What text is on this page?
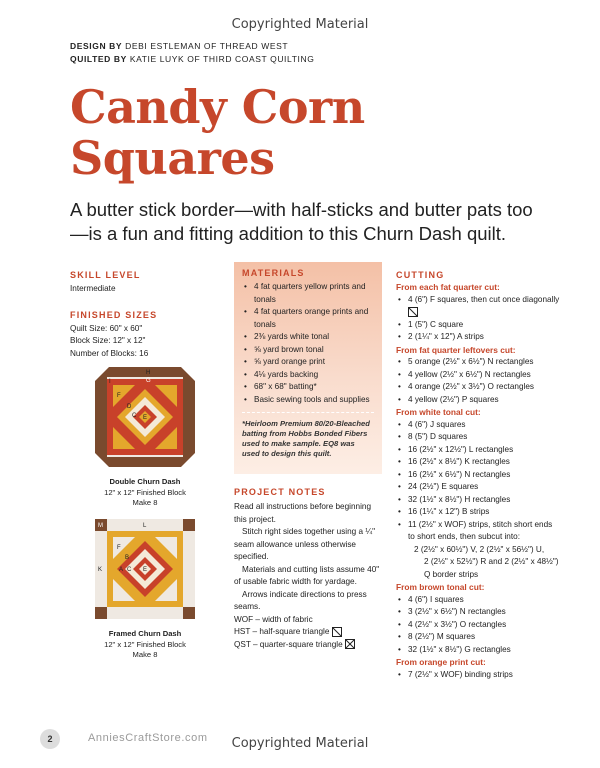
Copyrighted Material
DESIGN BY DEBI ESTLEMAN OF THREAD WEST
QUILTED BY KATIE LUYK OF THIRD COAST QUILTING
Candy Corn
Squares
A butter stick border—with half-sticks and butter pats too—is a fun and fitting addition to this Churn Dash quilt.
SKILL LEVEL
Intermediate
FINISHED SIZES
Quilt Size: 60" x 60"
Block Size: 12" x 12"
Number of Blocks: 16
J	H
I	G
F
D
E
C
Double Churn Dash
12" x 12" Finished Block
Make 8
M	L
F
B
K	A C E
Framed Churn Dash
12" x 12" Finished Block
Make 8
MATERIALS
• 4 fat quarters yellow prints and tonals
• 4 fat quarters orange prints and tonals
• 2⅜ yards white tonal
• ⅝ yard brown tonal
• ⅝ yard orange print
• 4⅛ yards backing
• 68" x 68" batting*
• Basic sewing tools and supplies
*Heirloom Premium 80/20-Bleached batting from Hobbs Bonded Fibers used to make sample. EQ8 was used to design this quilt.
PROJECT NOTES
Read all instructions before beginning this project.
Stitch right sides together using a ¼" seam allowance unless otherwise specified.
Materials and cutting lists assume 40" of usable fabric width for yardage.
Arrows indicate directions to press seams.
WOF – width of fabric
HST – half-square triangle
QST – quarter-square triangle
CUTTING
From each fat quarter cut:
• 4 (6") F squares, then cut once diagonally
• 1 (5") C square
• 2 (1¼" x 12") A strips
From fat quarter leftovers cut:
• 5 orange (2½" x 6½") N rectangles
• 4 yellow (2½" x 6½") N rectangles
• 4 orange (2½" x 3½") O rectangles
• 4 yellow (2½") P squares
From white tonal cut:
• 4 (6") J squares
• 8 (5") D squares
• 16 (2½" x 12½") L rectangles
• 16 (2½" x 8½") K rectangles
• 16 (2½" x 6½") N rectangles
• 24 (2½") E squares
• 32 (1½" x 8½") H rectangles
• 16 (1¼" x 12") B strips
• 11 (2½" x WOF) strips, stitch short ends to short ends, then subcut into:
2 (2½" x 60½") V, 2 (2½" x 56½") U,
2 (2½" x 52½") R and 2 (2½" x 48½")
Q border strips
From brown tonal cut:
• 4 (6") I squares
• 3 (2½" x 6½") N rectangles
• 4 (2½" x 3½") O rectangles
• 8 (2½") M squares
• 32 (1½" x 8½") G rectangles
From orange print cut:
• 7 (2½" x WOF) binding strips
2	AnniesCraftStore.com	Copyrighted Material
